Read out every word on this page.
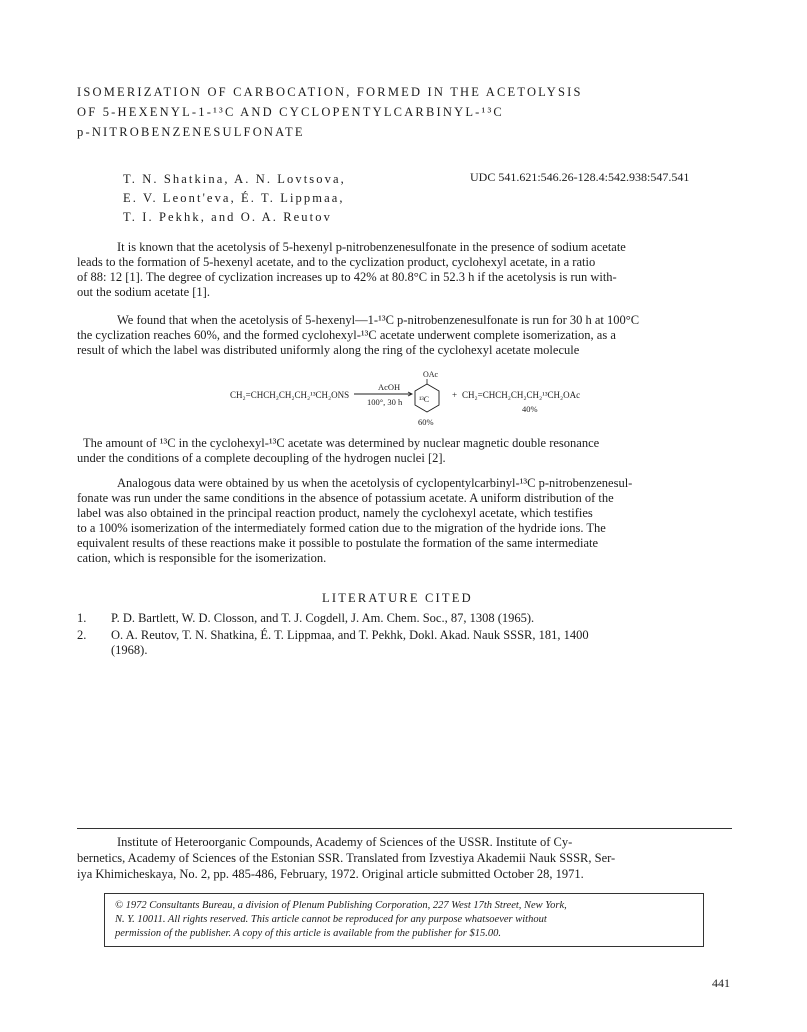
ISOMERIZATION OF CARBOCATION, FORMED IN THE ACETOLYSIS
OF 5-HEXENYL-1-¹³C AND CYCLOPENTYLCARBINYL-¹³C
p-NITROBENZENESULFONATE
T. N. Shatkina, A. N. Lovtsova,
E. V. Leont'eva, É. T. Lippmaa,
T. I. Pekhk, and O. A. Reutov
UDC 541.621:546.26-128.4:542.938:547.541
It is known that the acetolysis of 5-hexenyl p-nitrobenzenesulfonate in the presence of sodium acetate
leads to the formation of 5-hexenyl acetate, and to the cyclization product, cyclohexyl acetate, in a ratio
of 88: 12 [1]. The degree of cyclization increases up to 42% at 80.8°C in 52.3 h if the acetolysis is run with-
out the sodium acetate [1].
We found that when the acetolysis of 5-hexenyl—1-¹³C p-nitrobenzenesulfonate is run for 30 h at 100°C
the cyclization reaches 60%, and the formed cyclohexyl-¹³C acetate underwent complete isomerization, as a
result of which the label was distributed uniformly along the ring of the cyclohexyl acetate molecule
CH₂=CHCH₂CH₂CH₂¹³CH₂ONS
AcOH
100°, 30 h
OAc
¹³C
60%
+ CH₂=CHCH₂CH₂CH₂¹³CH₂OAc
40%
The amount of ¹³C in the cyclohexyl-¹³C acetate was determined by nuclear magnetic double resonance
under the conditions of a complete decoupling of the hydrogen nuclei [2].
Analogous data were obtained by us when the acetolysis of cyclopentylcarbinyl-¹³C p-nitrobenzenesul-
fonate was run under the same conditions in the absence of potassium acetate. A uniform distribution of the
label was also obtained in the principal reaction product, namely the cyclohexyl acetate, which testifies
to a 100% isomerization of the intermediately formed cation due to the migration of the hydride ions. The
equivalent results of these reactions make it possible to postulate the formation of the same intermediate
cation, which is responsible for the isomerization.
LITERATURE CITED
1. P. D. Bartlett, W. D. Closson, and T. J. Cogdell, J. Am. Chem. Soc., 87, 1308 (1965).
2. O. A. Reutov, T. N. Shatkina, É. T. Lippmaa, and T. Pekhk, Dokl. Akad. Nauk SSSR, 181, 1400
(1968).
Institute of Heteroorganic Compounds, Academy of Sciences of the USSR. Institute of Cy-
bernetics, Academy of Sciences of the Estonian SSR. Translated from Izvestiya Akademii Nauk SSSR, Ser-
iya Khimicheskaya, No. 2, pp. 485-486, February, 1972. Original article submitted October 28, 1971.
© 1972 Consultants Bureau, a division of Plenum Publishing Corporation, 227 West 17th Street, New York,
N. Y. 10011. All rights reserved. This article cannot be reproduced for any purpose whatsoever without
permission of the publisher. A copy of this article is available from the publisher for $15.00.
441
